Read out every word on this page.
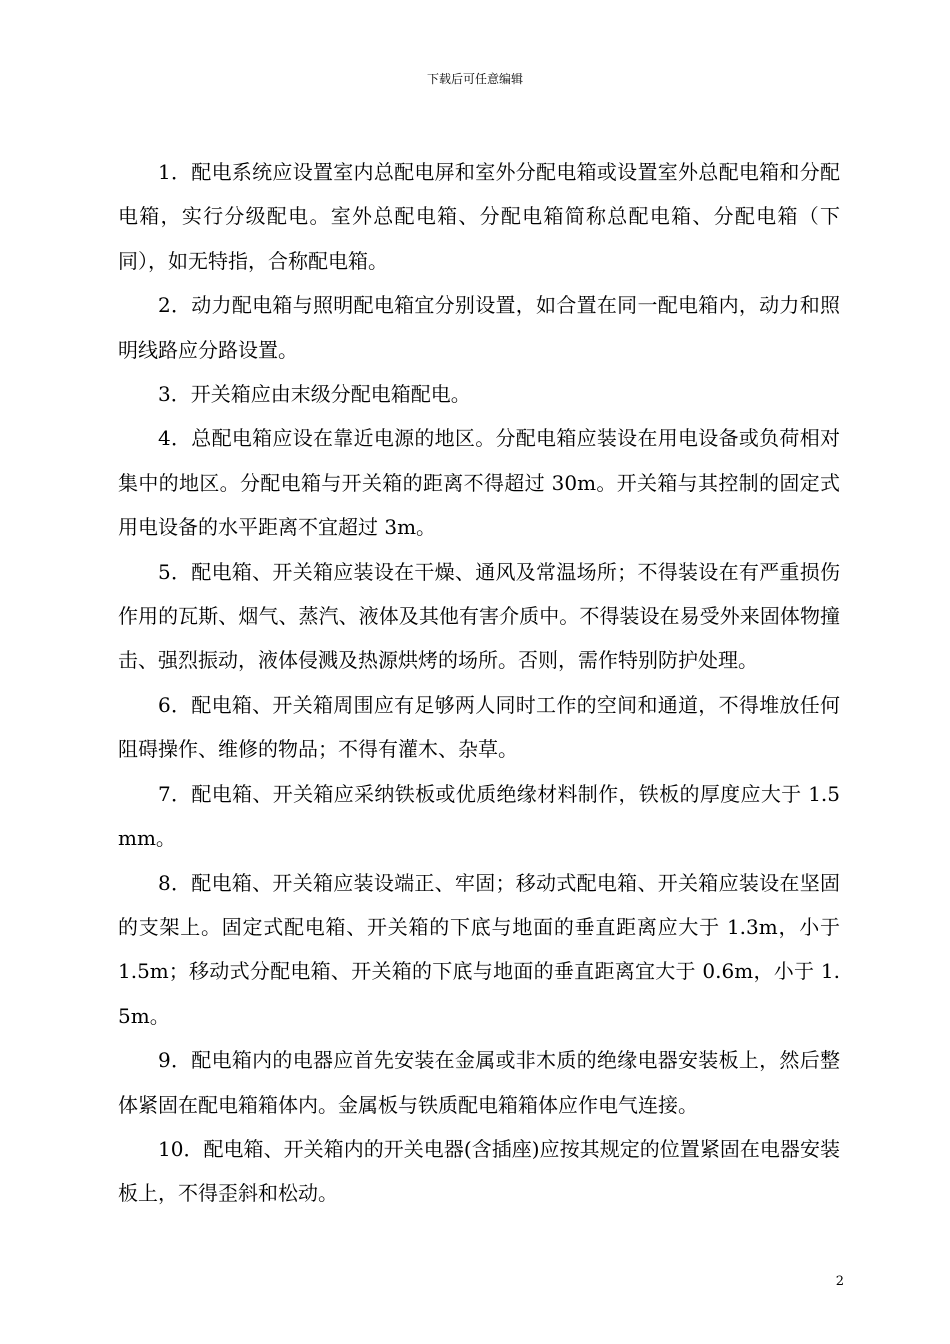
下载后可任意编辑

1．配电系统应设置室内总配电屏和室外分配电箱或设置室外总配电箱和分配电箱，实行分级配电。室外总配电箱、分配电箱简称总配电箱、分配电箱（下同），如无特指，合称配电箱。

2．动力配电箱与照明配电箱宜分别设置，如合置在同一配电箱内，动力和照明线路应分路设置。

3．开关箱应由末级分配电箱配电。

4．总配电箱应设在靠近电源的地区。分配电箱应装设在用电设备或负荷相对集中的地区。分配电箱与开关箱的距离不得超过 30m。开关箱与其控制的固定式用电设备的水平距离不宜超过 3m。

5．配电箱、开关箱应装设在干燥、通风及常温场所；不得装设在有严重损伤作用的瓦斯、烟气、蒸汽、液体及其他有害介质中。不得装设在易受外来固体物撞击、强烈振动，液体侵溅及热源烘烤的场所。否则，需作特别防护处理。

6．配电箱、开关箱周围应有足够两人同时工作的空间和通道，不得堆放任何阻碍操作、维修的物品；不得有灌木、杂草。

7．配电箱、开关箱应采纳铁板或优质绝缘材料制作，铁板的厚度应大于 1.5mm。

8．配电箱、开关箱应装设端正、牢固；移动式配电箱、开关箱应装设在坚固的支架上。固定式配电箱、开关箱的下底与地面的垂直距离应大于 1.3m，小于 1.5m；移动式分配电箱、开关箱的下底与地面的垂直距离宜大于 0.6m，小于 1.5m。

9．配电箱内的电器应首先安装在金属或非木质的绝缘电器安装板上，然后整体紧固在配电箱箱体内。金属板与铁质配电箱箱体应作电气连接。

10．配电箱、开关箱内的开关电器(含插座)应按其规定的位置紧固在电器安装板上，不得歪斜和松动。

2
